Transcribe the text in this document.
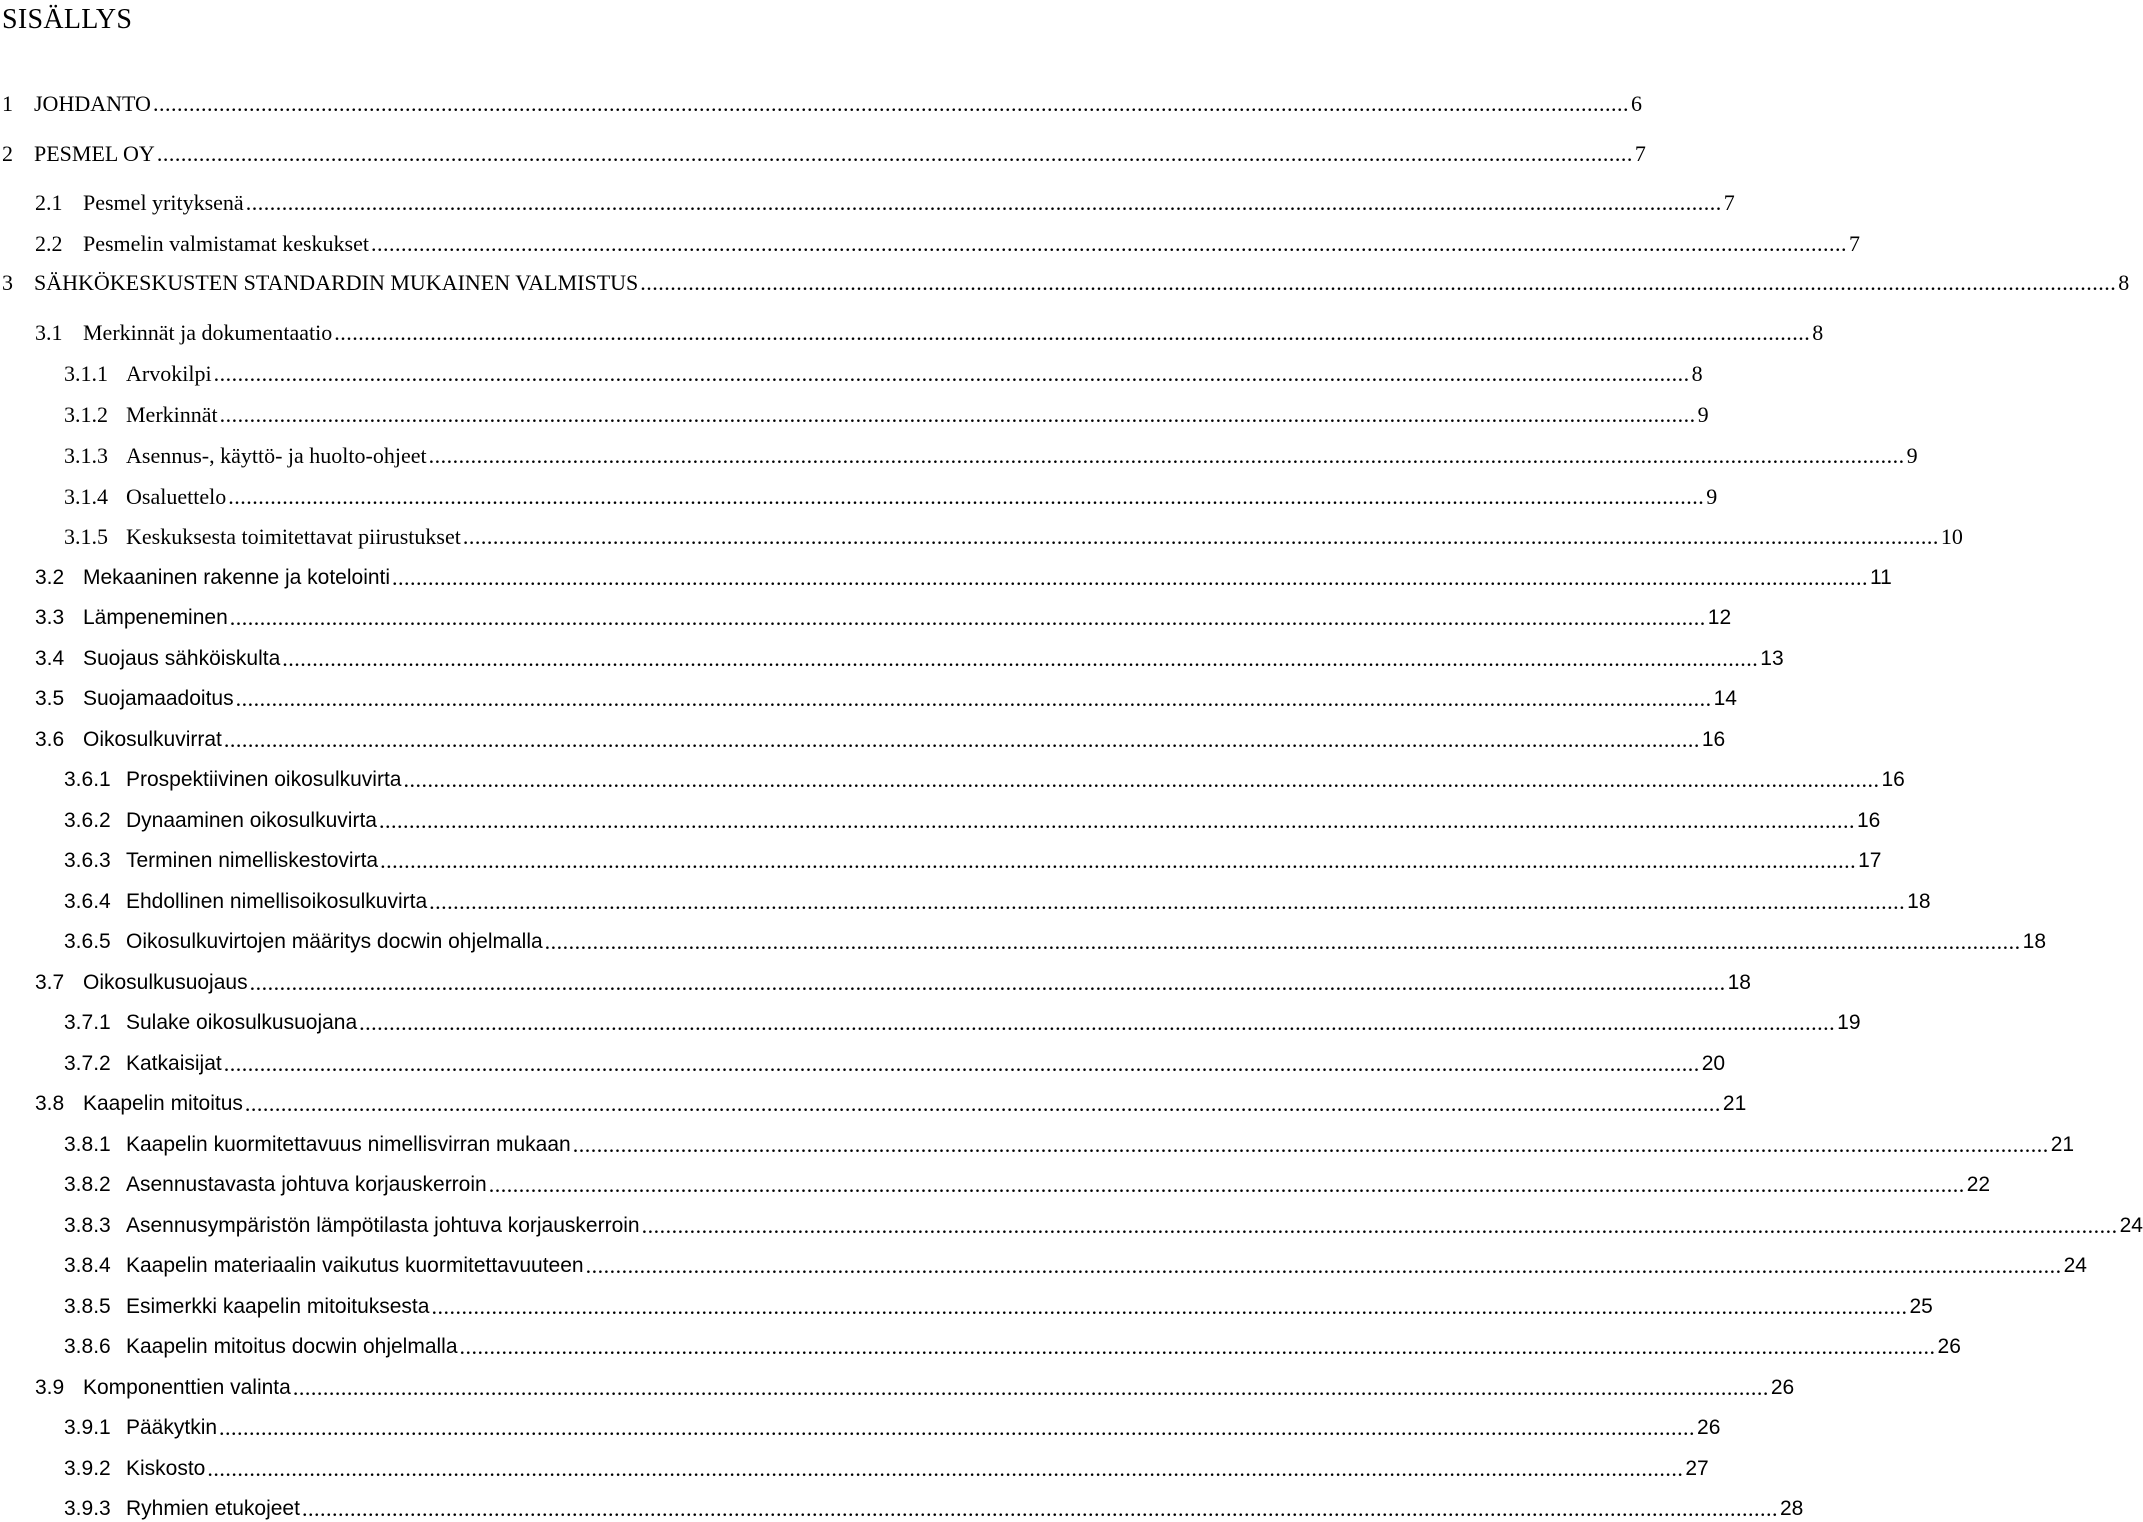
SISÄLLYS
1 JOHDANTO ...................................................................................................................................................................................................................................................... 6
2 PESMEL OY ...................................................................................................................................................................................................................................................... 7
2.1 Pesmel yrityksenä ...................................................................................................................................................................................................................................................... 7
2.2 Pesmelin valmistamat keskukset ...................................................................................................................................................................................................................................................... 7
3 SÄHKÖKESKUSTEN STANDARDIN MUKAINEN VALMISTUS ...................................................................................................................................................................................................................................................... 8
3.1 Merkinnät ja dokumentaatio ...................................................................................................................................................................................................................................................... 8
3.1.1 Arvokilpi ...................................................................................................................................................................................................................................................... 8
3.1.2 Merkinnät ...................................................................................................................................................................................................................................................... 9
3.1.3 Asennus-, käyttö- ja huolto-ohjeet ...................................................................................................................................................................................................................................................... 9
3.1.4 Osaluettelo ...................................................................................................................................................................................................................................................... 9
3.1.5 Keskuksesta toimitettavat piirustukset ...................................................................................................................................................................................................................................................... 10
3.2 Mekaaninen rakenne ja kotelointi ...................................................................................................................................................................................................................................................... 11
3.3 Lämpeneminen ...................................................................................................................................................................................................................................................... 12
3.4 Suojaus sähköiskulta ...................................................................................................................................................................................................................................................... 13
3.5 Suojamaadoitus ...................................................................................................................................................................................................................................................... 14
3.6 Oikosulkuvirrat ...................................................................................................................................................................................................................................................... 16
3.6.1 Prospektiivinen oikosulkuvirta ...................................................................................................................................................................................................................................................... 16
3.6.2 Dynaaminen oikosulkuvirta ...................................................................................................................................................................................................................................................... 16
3.6.3 Terminen nimelliskestovirta ...................................................................................................................................................................................................................................................... 17
3.6.4 Ehdollinen nimellisoikosulkuvirta ...................................................................................................................................................................................................................................................... 18
3.6.5 Oikosulkuvirtojen määritys docwin ohjelmalla ...................................................................................................................................................................................................................................................... 18
3.7 Oikosulkusuojaus ...................................................................................................................................................................................................................................................... 18
3.7.1 Sulake oikosulkusuojana ...................................................................................................................................................................................................................................................... 19
3.7.2 Katkaisijat ...................................................................................................................................................................................................................................................... 20
3.8 Kaapelin mitoitus ...................................................................................................................................................................................................................................................... 21
3.8.1 Kaapelin kuormitettavuus nimellisvirran mukaan ...................................................................................................................................................................................................................................................... 21
3.8.2 Asennustavasta johtuva korjauskerroin ...................................................................................................................................................................................................................................................... 22
3.8.3 Asennusympäristön lämpötilasta johtuva korjauskerroin ...................................................................................................................................................................................................................................................... 24
3.8.4 Kaapelin materiaalin vaikutus kuormitettavuuteen ...................................................................................................................................................................................................................................................... 24
3.8.5 Esimerkki kaapelin mitoituksesta ...................................................................................................................................................................................................................................................... 25
3.8.6 Kaapelin mitoitus docwin ohjelmalla ...................................................................................................................................................................................................................................................... 26
3.9 Komponenttien valinta ...................................................................................................................................................................................................................................................... 26
3.9.1 Pääkytkin ...................................................................................................................................................................................................................................................... 26
3.9.2 Kiskosto ...................................................................................................................................................................................................................................................... 27
3.9.3 Ryhmien etukojeet ...................................................................................................................................................................................................................................................... 28
